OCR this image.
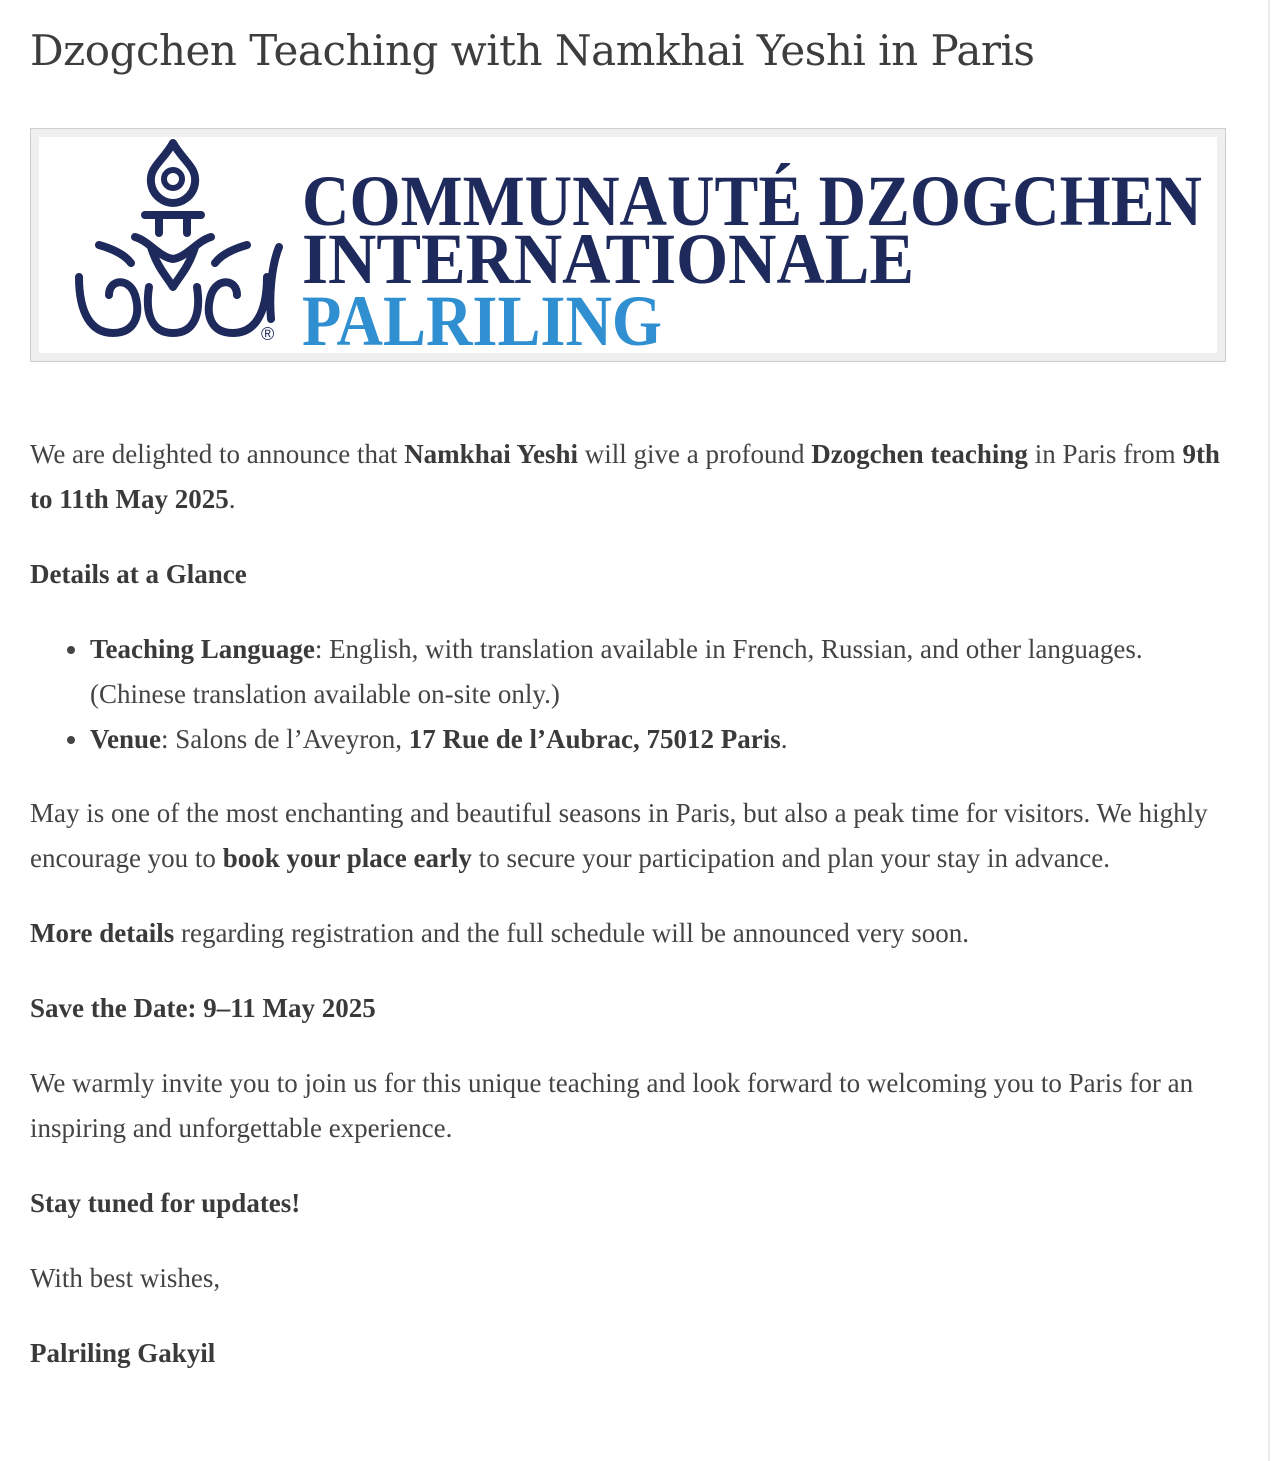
Dzogchen Teaching with Namkhai Yeshi in Paris
®
COMMUNAUTÉ DZOGCHEN
INTERNATIONALE
PALRILING

We are delighted to announce that Namkhai Yeshi will give a profound Dzogchen teaching in Paris from 9th to 11th May 2025.

Details at a Glance

• Teaching Language: English, with translation available in French, Russian, and other languages. (Chinese translation available on-site only.)
• Venue: Salons de l’Aveyron, 17 Rue de l’Aubrac, 75012 Paris.

May is one of the most enchanting and beautiful seasons in Paris, but also a peak time for visitors. We highly encourage you to book your place early to secure your participation and plan your stay in advance.

More details regarding registration and the full schedule will be announced very soon.

Save the Date: 9–11 May 2025

We warmly invite you to join us for this unique teaching and look forward to welcoming you to Paris for an inspiring and unforgettable experience.

Stay tuned for updates!

With best wishes,

Palriling Gakyil
